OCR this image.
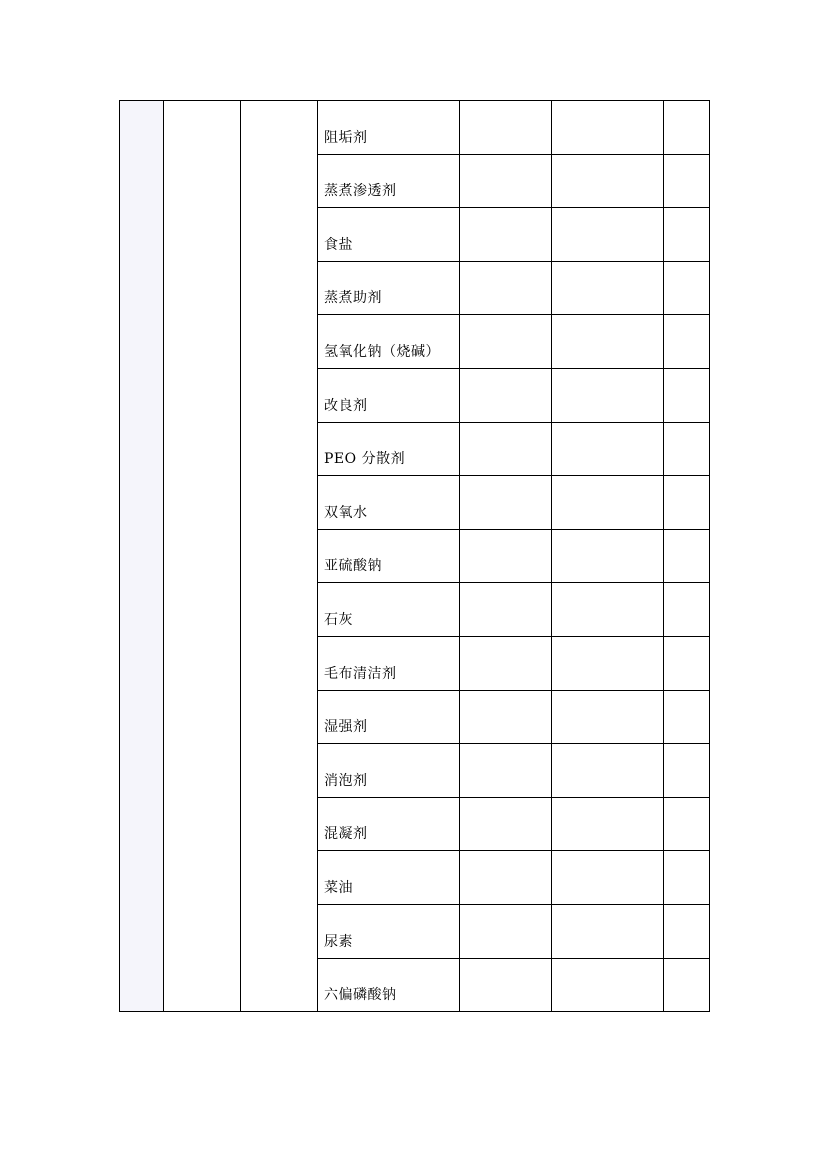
			阻垢剂			
			蒸煮渗透剂			
			食盐			
			蒸煮助剂			
			氢氧化钠（烧碱）			
			改良剂			
			PEO 分散剂			
			双氧水			
			亚硫酸钠			
			石灰			
			毛布清洁剂			
			湿强剂			
			消泡剂			
			混凝剂			
			菜油			
			尿素			
			六偏磷酸钠			
